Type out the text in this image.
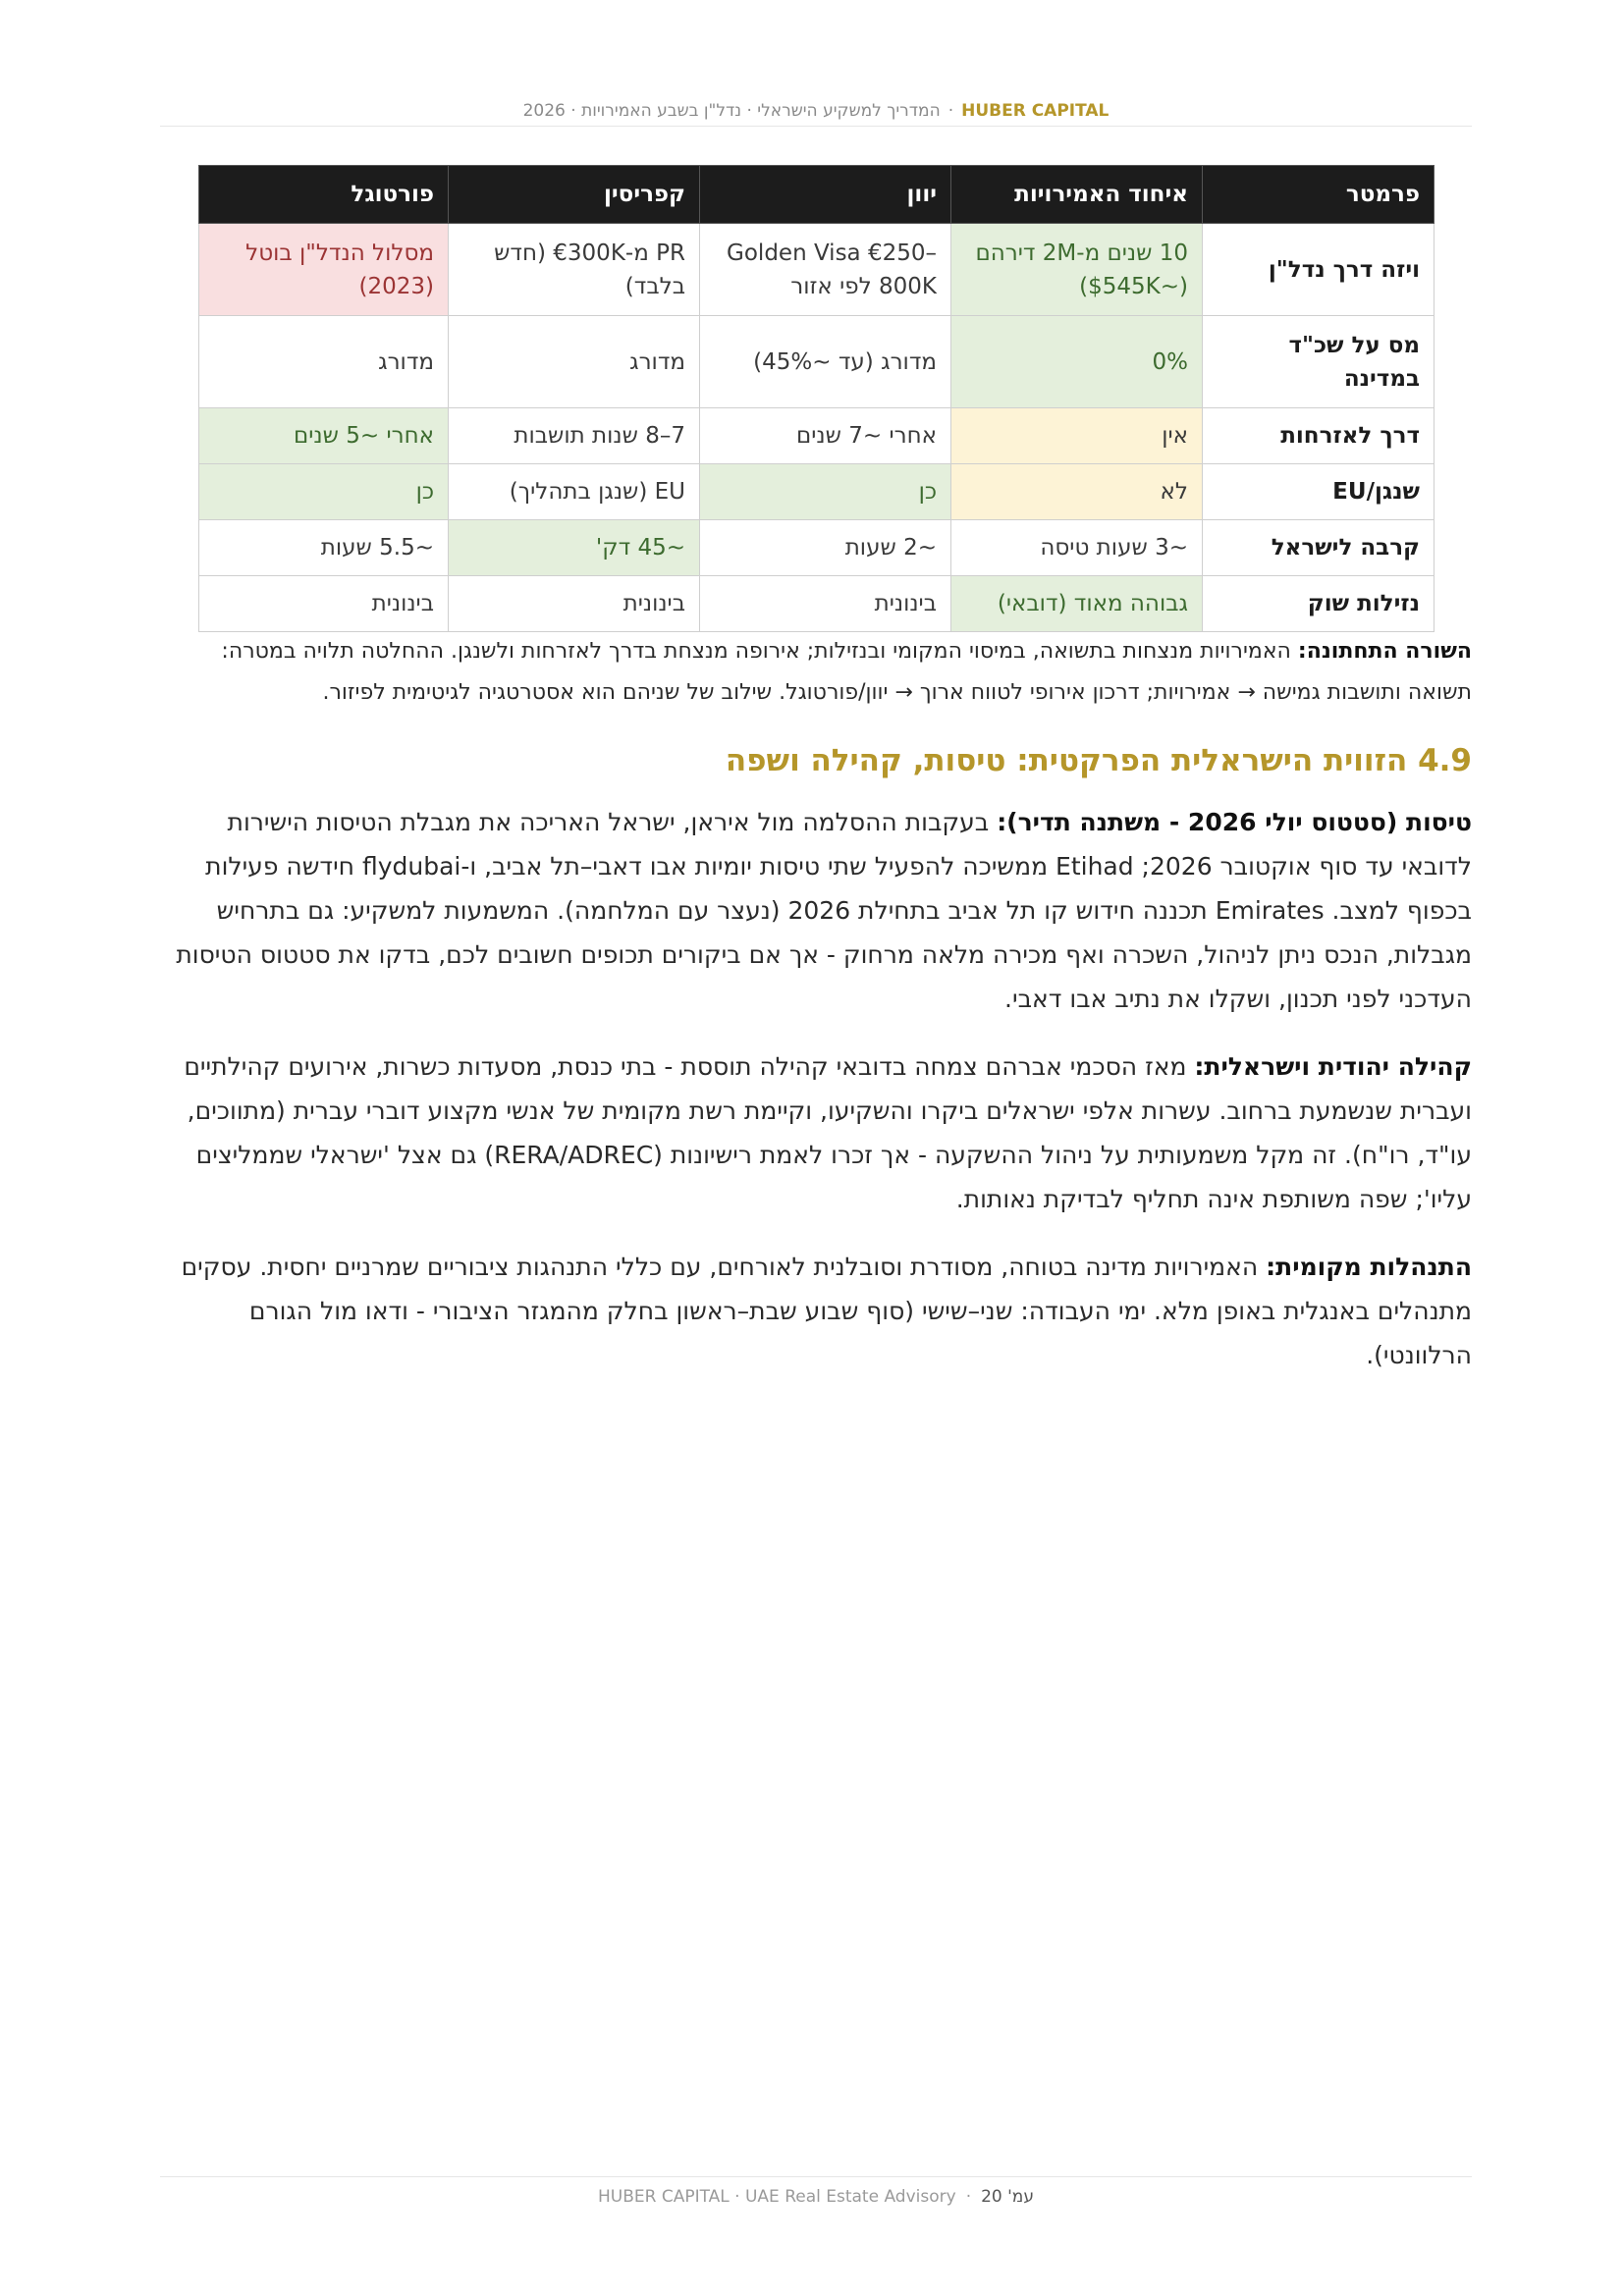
HUBER CAPITAL·המדריך למשקיע הישראלי · נדל"ן בשבע האמירויות · 2026
פרמטר	איחוד האמירויות	יוון	קפריסין	פורטוגל
ויזה דרך נדל"ן	10 שנים מ-2M דירהם (~$545K)	Golden Visa €250–800K לפי אזור	PR מ-€300K (חדש בלבד)	מסלול הנדל"ן בוטל (2023)
מס על שכ"ד במדינה	0%	מדורג (עד ~45%)	מדורג	מדורג
דרך לאזרחות	אין	אחרי ~7 שנים	7–8 שנות תושבות	אחרי ~5 שנים
שנגן/EU	לא	כן	EU (שנגן בתהליך)	כן
קרבה לישראל	~3 שעות טיסה	~2 שעות	~45 דק'	~5.5 שעות
נזילות שוק	גבוהה מאוד (דובאי)	בינונית	בינונית	בינונית
השורה התחתונה: האמירויות מנצחות בתשואה, במיסוי המקומי ובנזילות; אירופה מנצחת בדרך לאזרחות ולשנגן. ההחלטה תלויה במטרה: תשואה ותושבות גמישה → אמירויות; דרכון אירופי לטווח ארוך → יוון/פורטוגל. שילוב של שניהם הוא אסטרטגיה לגיטימית לפיזור.
4.9 הזווית הישראלית הפרקטית: טיסות, קהילה ושפה
טיסות (סטטוס יולי 2026 - משתנה תדיר): בעקבות ההסלמה מול איראן, ישראל האריכה את מגבלת הטיסות הישירות לדובאי עד סוף אוקטובר 2026; Etihad ממשיכה להפעיל שתי טיסות יומיות אבו דאבי–תל אביב, ו-flydubai חידשה פעילות בכפוף למצב. Emirates תכננה חידוש קו תל אביב בתחילת 2026 (נעצר עם המלחמה). המשמעות למשקיע: גם בתרחיש מגבלות, הנכס ניתן לניהול, השכרה ואף מכירה מלאה מרחוק - אך אם ביקורים תכופים חשובים לכם, בדקו את סטטוס הטיסות העדכני לפני תכנון, ושקלו את נתיב אבו דאבי.
קהילה יהודית וישראלית: מאז הסכמי אברהם צמחה בדובאי קהילה תוססת - בתי כנסת, מסעדות כשרות, אירועים קהילתיים ועברית שנשמעת ברחוב. עשרות אלפי ישראלים ביקרו והשקיעו, וקיימת רשת מקומית של אנשי מקצוע דוברי עברית (מתווכים, עו"ד, רו"ח). זה מקל משמעותית על ניהול ההשקעה - אך זכרו לאמת רישיונות (RERA/ADREC) גם אצל 'ישראלי שממליצים עליו'; שפה משותפת אינה תחליף לבדיקת נאותות.
התנהלות מקומית: האמירויות מדינה בטוחה, מסודרת וסובלנית לאורחים, עם כללי התנהגות ציבוריים שמרניים יחסית. עסקים מתנהלים באנגלית באופן מלא. ימי העבודה: שני–שישי (סוף שבוע שבת–ראשון בחלק מהמגזר הציבורי - ודאו מול הגורם הרלוונטי).
עמ' 20·HUBER CAPITAL · UAE Real Estate Advisory
